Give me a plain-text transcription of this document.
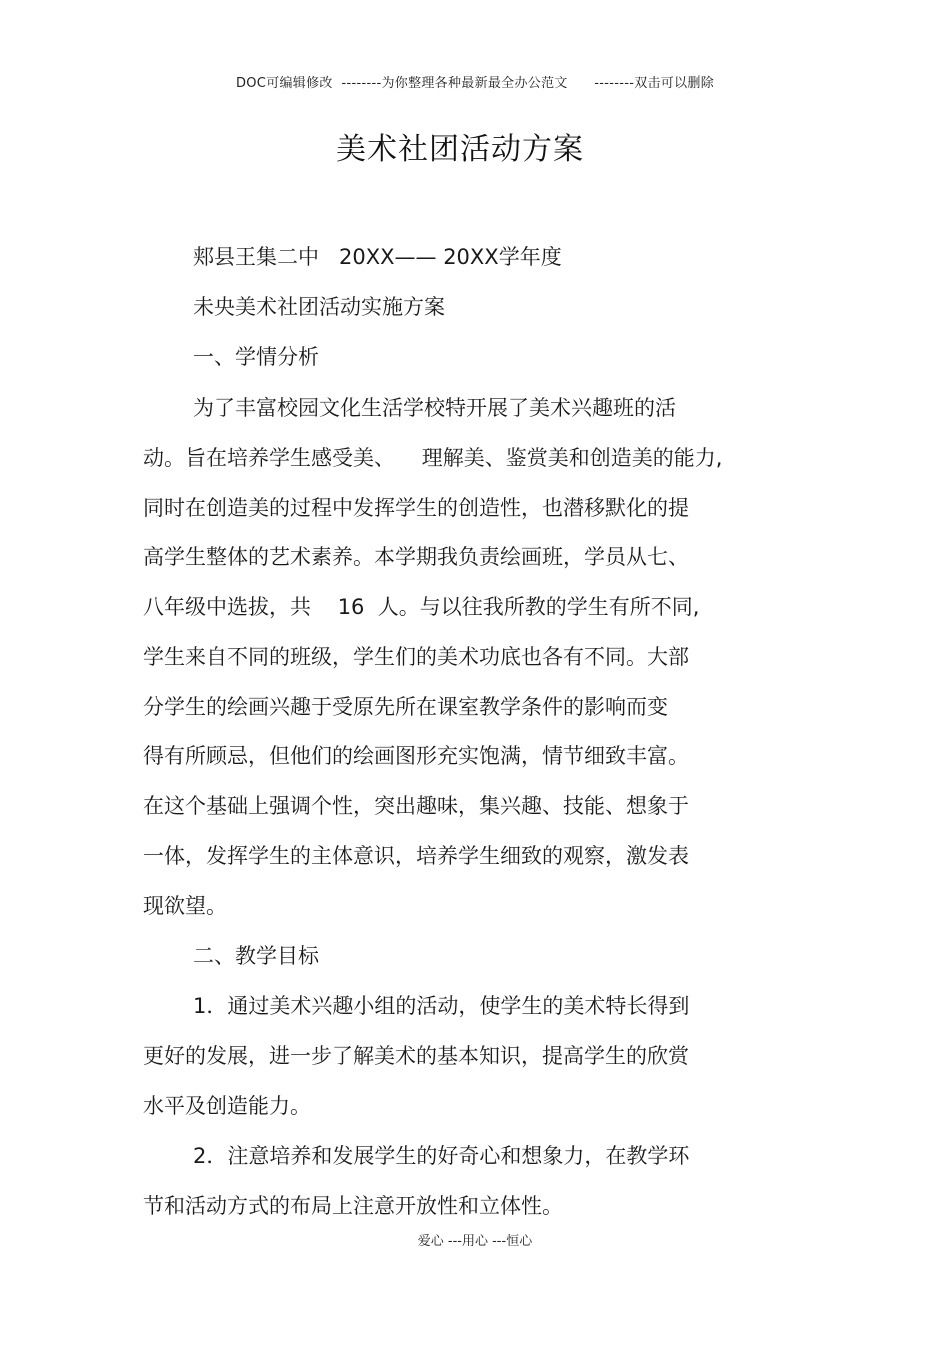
DOC可编辑修改  --------为你整理各种最新最全办公范文      --------双击可以删除
美术社团活动方案
郏县王集二中   20XX—— 20XX学年度
未央美术社团活动实施方案
一、学情分析
为了丰富校园文化生活学校特开展了美术兴趣班的活
动。旨在培养学生感受美、    理解美、鉴赏美和创造美的能力,
同时在创造美的过程中发挥学生的创造性，也潜移默化的提
高学生整体的艺术素养。本学期我负责绘画班，学员从七、
八年级中选拔，共    16  人。与以往我所教的学生有所不同,
学生来自不同的班级，学生们的美术功底也各有不同。大部
分学生的绘画兴趣于受原先所在课室教学条件的影响而变
得有所顾忌，但他们的绘画图形充实饱满，情节细致丰富。
在这个基础上强调个性，突出趣味，集兴趣、技能、想象于
一体，发挥学生的主体意识，培养学生细致的观察，激发表
现欲望。
二、教学目标
1．通过美术兴趣小组的活动，使学生的美术特长得到
更好的发展，进一步了解美术的基本知识，提高学生的欣赏
水平及创造能力。
2．注意培养和发展学生的好奇心和想象力，在教学环
节和活动方式的布局上注意开放性和立体性。
爱心 ---用心 ---恒心
